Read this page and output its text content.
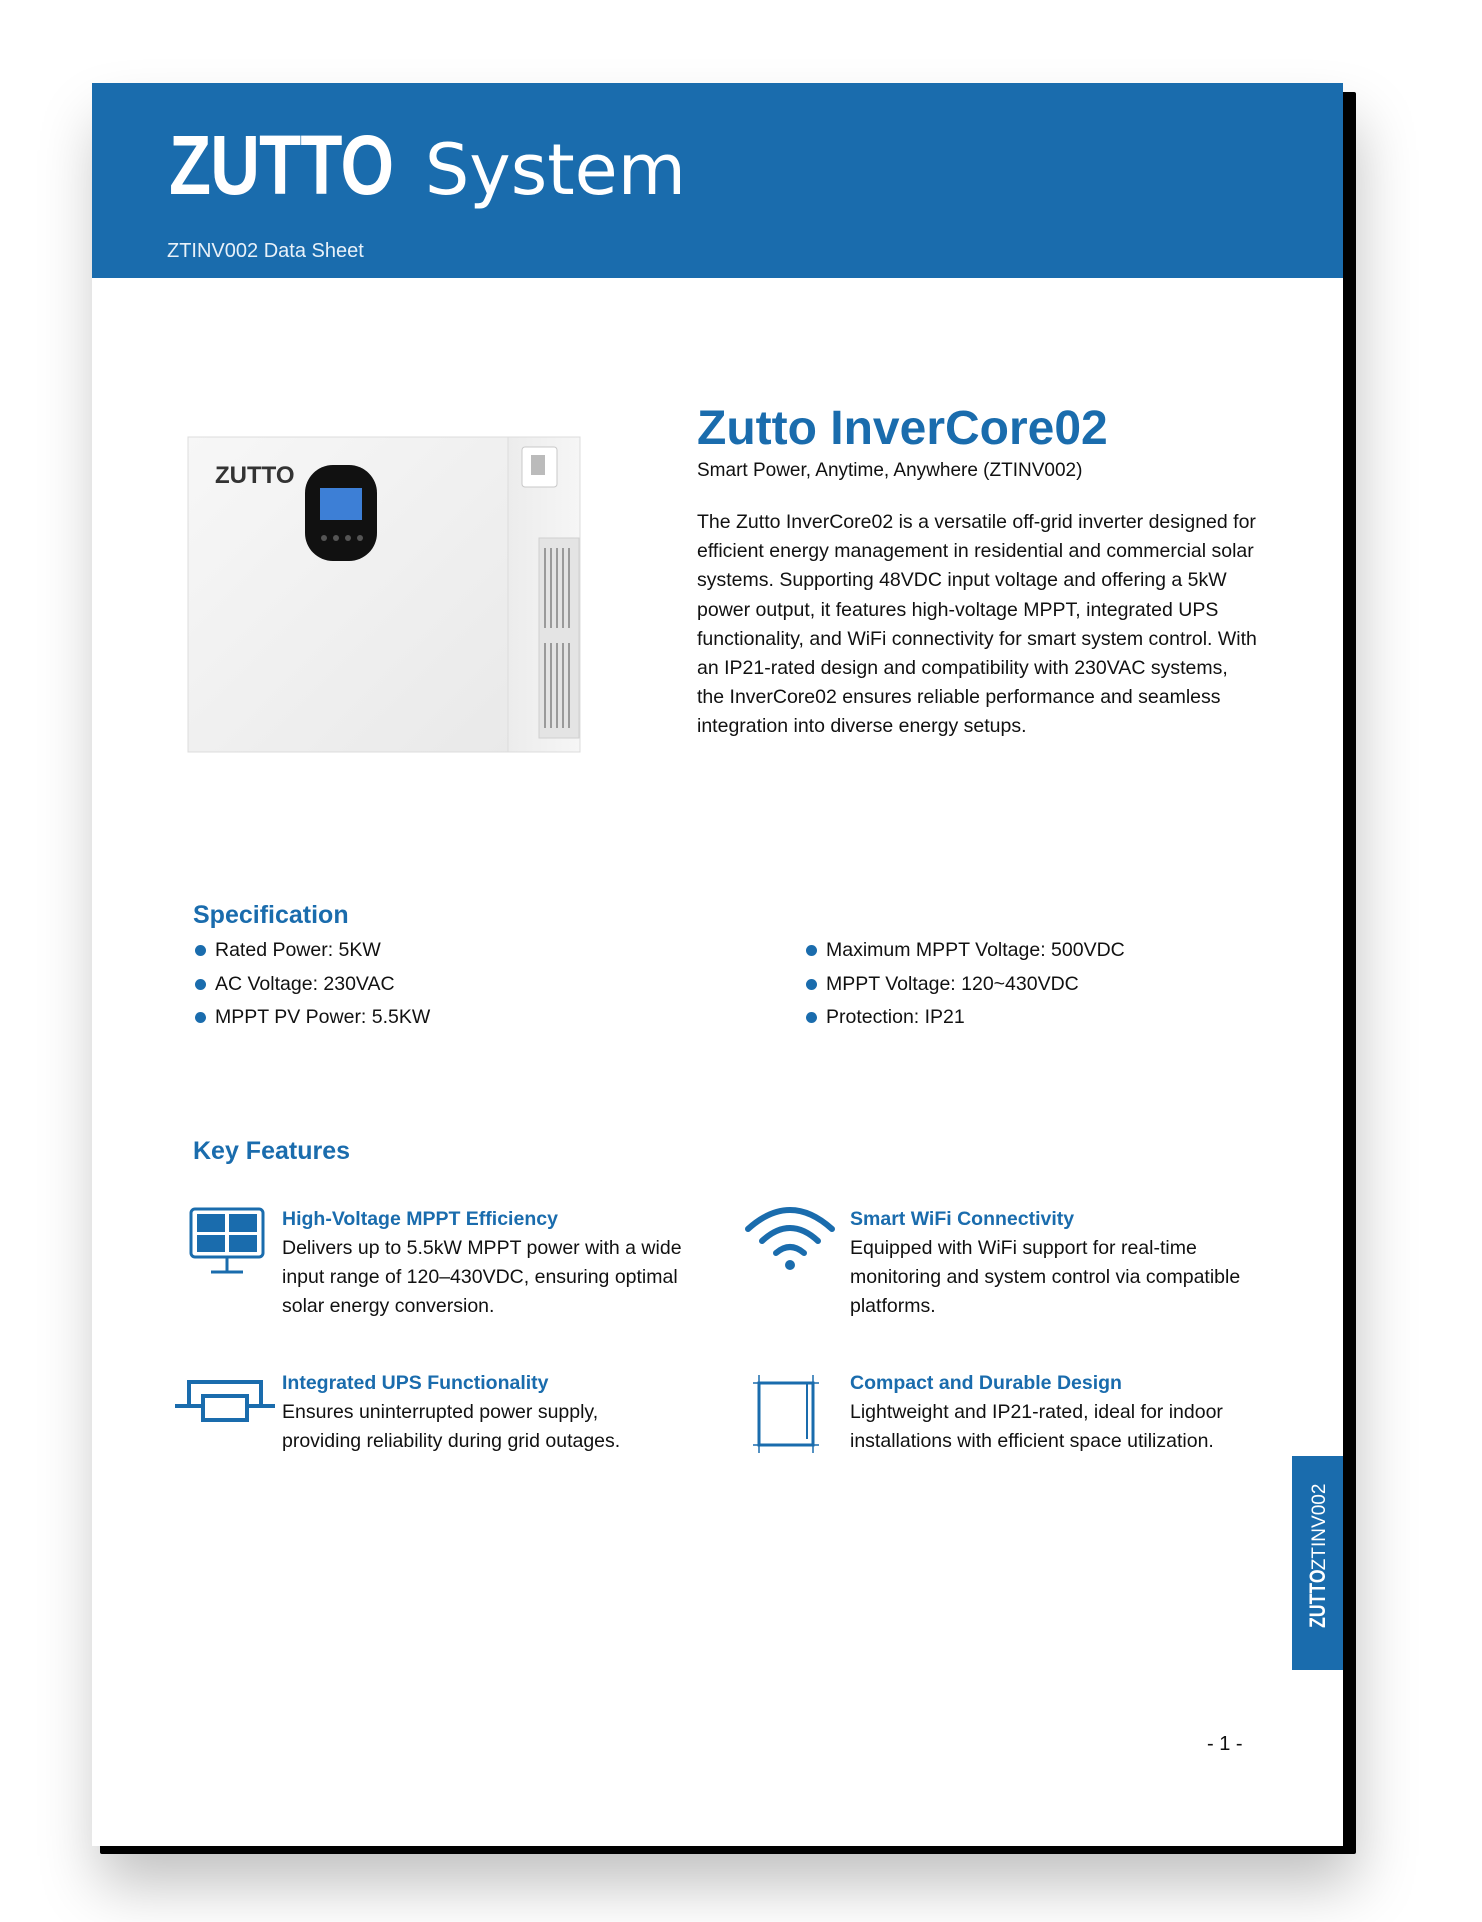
ZUTTO System
ZTINV002 Data Sheet
ZUTTO
Zutto InverCore02
Smart Power, Anytime, Anywhere (ZTINV002)
The Zutto InverCore02 is a versatile off-grid inverter designed for efficient energy management in residential and commercial solar systems. Supporting 48VDC input voltage and offering a 5kW power output, it features high-voltage MPPT, integrated UPS functionality, and WiFi connectivity for smart system control. With an IP21-rated design and compatibility with 230VAC systems, the InverCore02 ensures reliable performance and seamless integration into diverse energy setups.
Specification
Rated Power: 5KW
AC Voltage: 230VAC
MPPT PV Power: 5.5KW
Maximum MPPT Voltage: 500VDC
MPPT Voltage: 120~430VDC
Protection: IP21
Key Features
High-Voltage MPPT Efficiency
Delivers up to 5.5kW MPPT power with a wide input range of 120–430VDC, ensuring optimal solar energy conversion.
Smart WiFi Connectivity
Equipped with WiFi support for real-time monitoring and system control via compatible platforms.
Integrated UPS Functionality
Ensures uninterrupted power supply, providing reliability during grid outages.
Compact and Durable Design
Lightweight and IP21-rated, ideal for indoor installations with efficient space utilization.
ZUTTO ZTINV002
- 1 -
